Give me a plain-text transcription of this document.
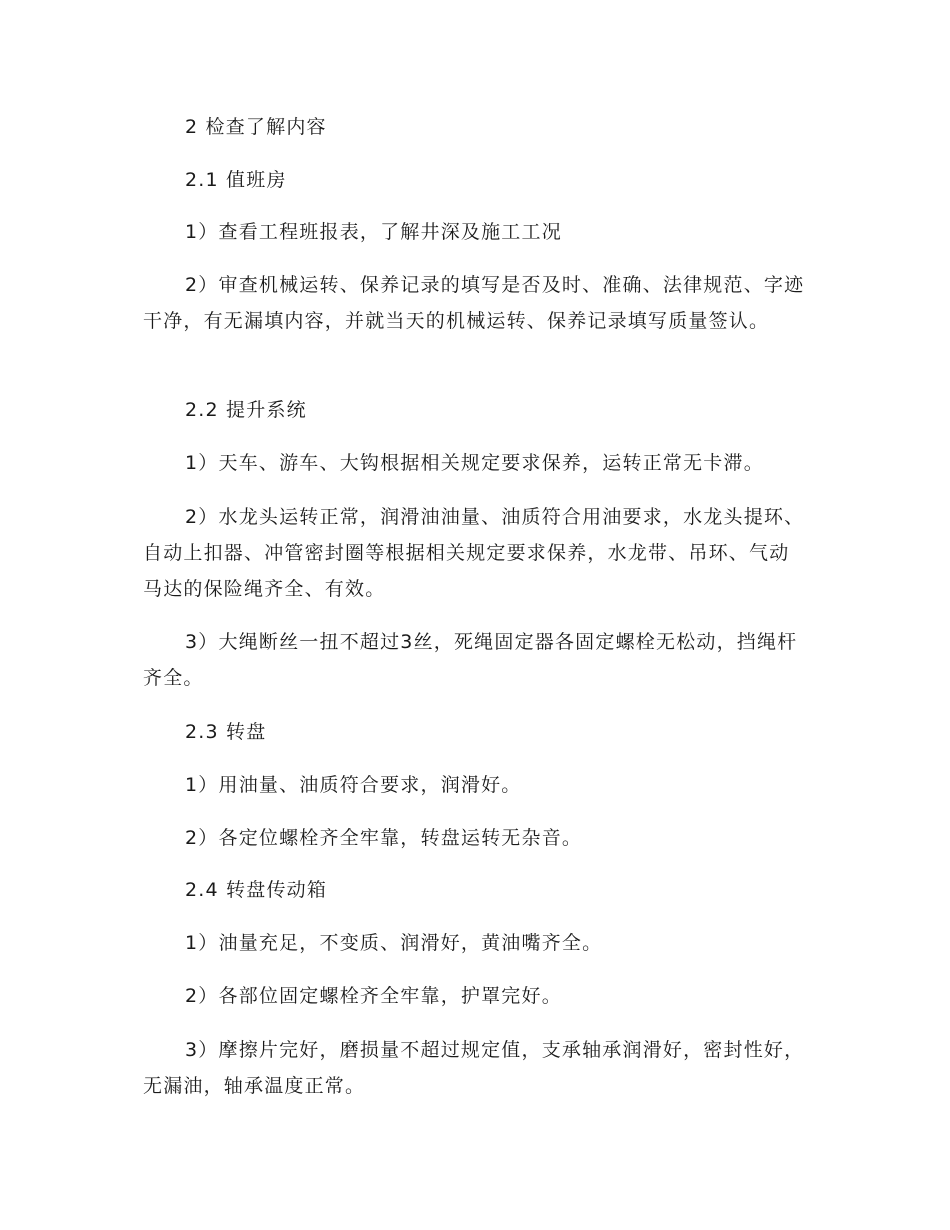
2 检查了解内容

2.1 值班房

1）查看工程班报表，了解井深及施工工况

2）审查机械运转、保养记录的填写是否及时、准确、法律规范、字迹干净，有无漏填内容，并就当天的机械运转、保养记录填写质量签认。

2.2 提升系统

1）天车、游车、大钩根据相关规定要求保养，运转正常无卡滞。

2）水龙头运转正常，润滑油油量、油质符合用油要求，水龙头提环、自动上扣器、冲管密封圈等根据相关规定要求保养，水龙带、吊环、气动马达的保险绳齐全、有效。

3）大绳断丝一扭不超过3丝，死绳固定器各固定螺栓无松动，挡绳杆齐全。

2.3 转盘

1）用油量、油质符合要求，润滑好。

2）各定位螺栓齐全牢靠，转盘运转无杂音。

2.4 转盘传动箱

1）油量充足，不变质、润滑好，黄油嘴齐全。

2）各部位固定螺栓齐全牢靠，护罩完好。

3）摩擦片完好，磨损量不超过规定值，支承轴承润滑好，密封性好，无漏油，轴承温度正常。
